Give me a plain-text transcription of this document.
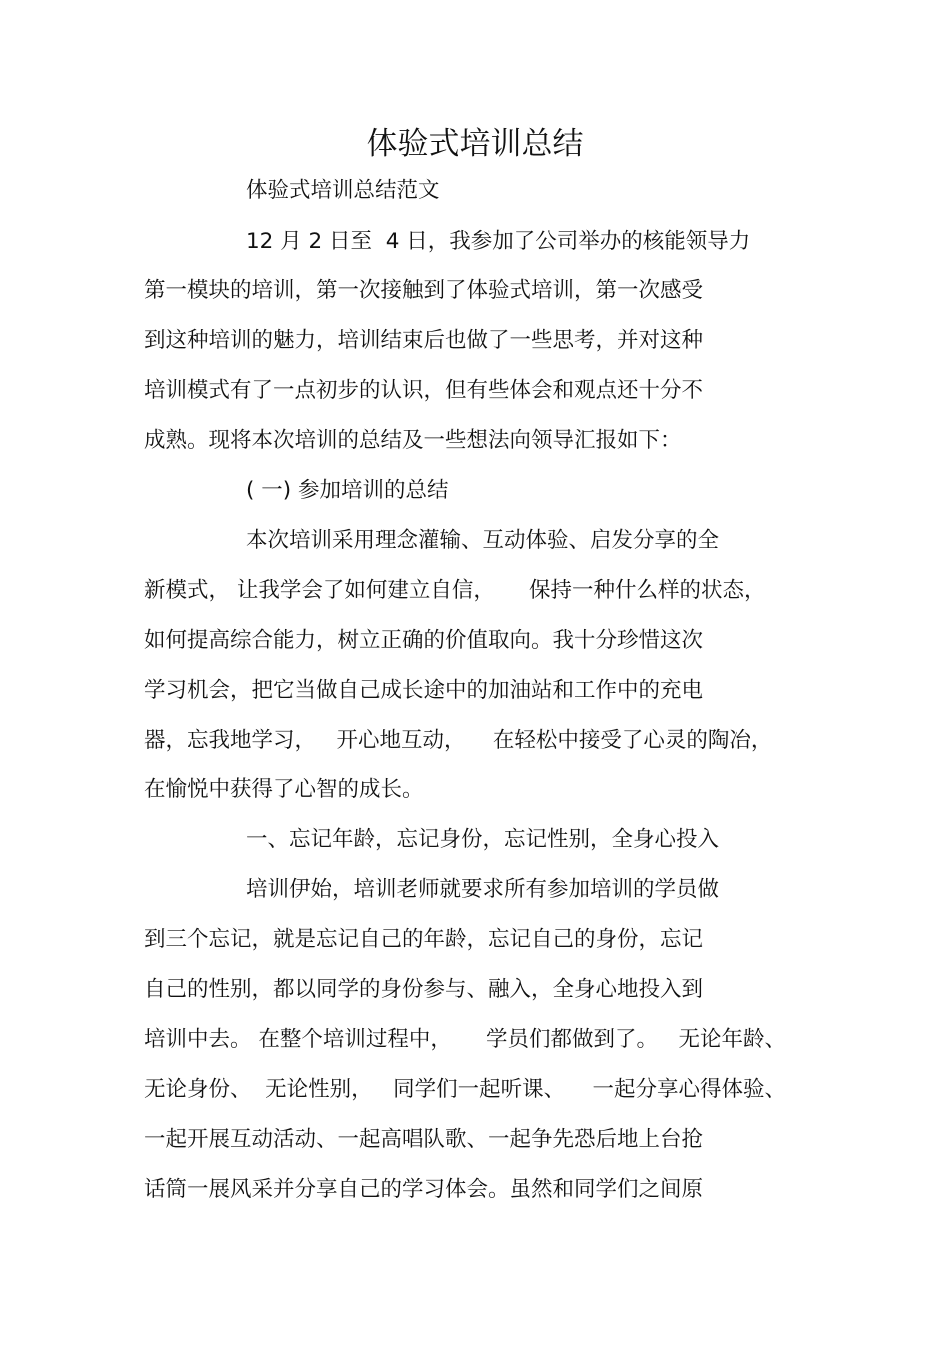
体验式培训总结

体验式培训总结范文

12 月 2 日至  4 日，我参加了公司举办的核能领导力

第一模块的培训，第一次接触到了体验式培训，第一次感受

到这种培训的魅力，培训结束后也做了一些思考，并对这种

培训模式有了一点初步的认识，但有些体会和观点还十分不

成熟。现将本次培训的总结及一些想法向领导汇报如下：

( 一) 参加培训的总结

本次培训采用理念灌输、互动体验、启发分享的全

新模式， 让我学会了如何建立自信，     保持一种什么样的状态，

如何提高综合能力，树立正确的价值取向。我十分珍惜这次

学习机会，把它当做自己成长途中的加油站和工作中的充电

器，忘我地学习，   开心地互动，    在轻松中接受了心灵的陶冶，

在愉悦中获得了心智的成长。

一、忘记年龄，忘记身份，忘记性别，全身心投入

培训伊始，培训老师就要求所有参加培训的学员做

到三个忘记，就是忘记自己的年龄，忘记自己的身份，忘记

自己的性别，都以同学的身份参与、融入，全身心地投入到

培训中去。 在整个培训过程中，     学员们都做到了。   无论年龄、

无论身份、  无论性别，   同学们一起听课、    一起分享心得体验、

一起开展互动活动、一起高唱队歌、一起争先恐后地上台抢

话筒一展风采并分享自己的学习体会。虽然和同学们之间原
